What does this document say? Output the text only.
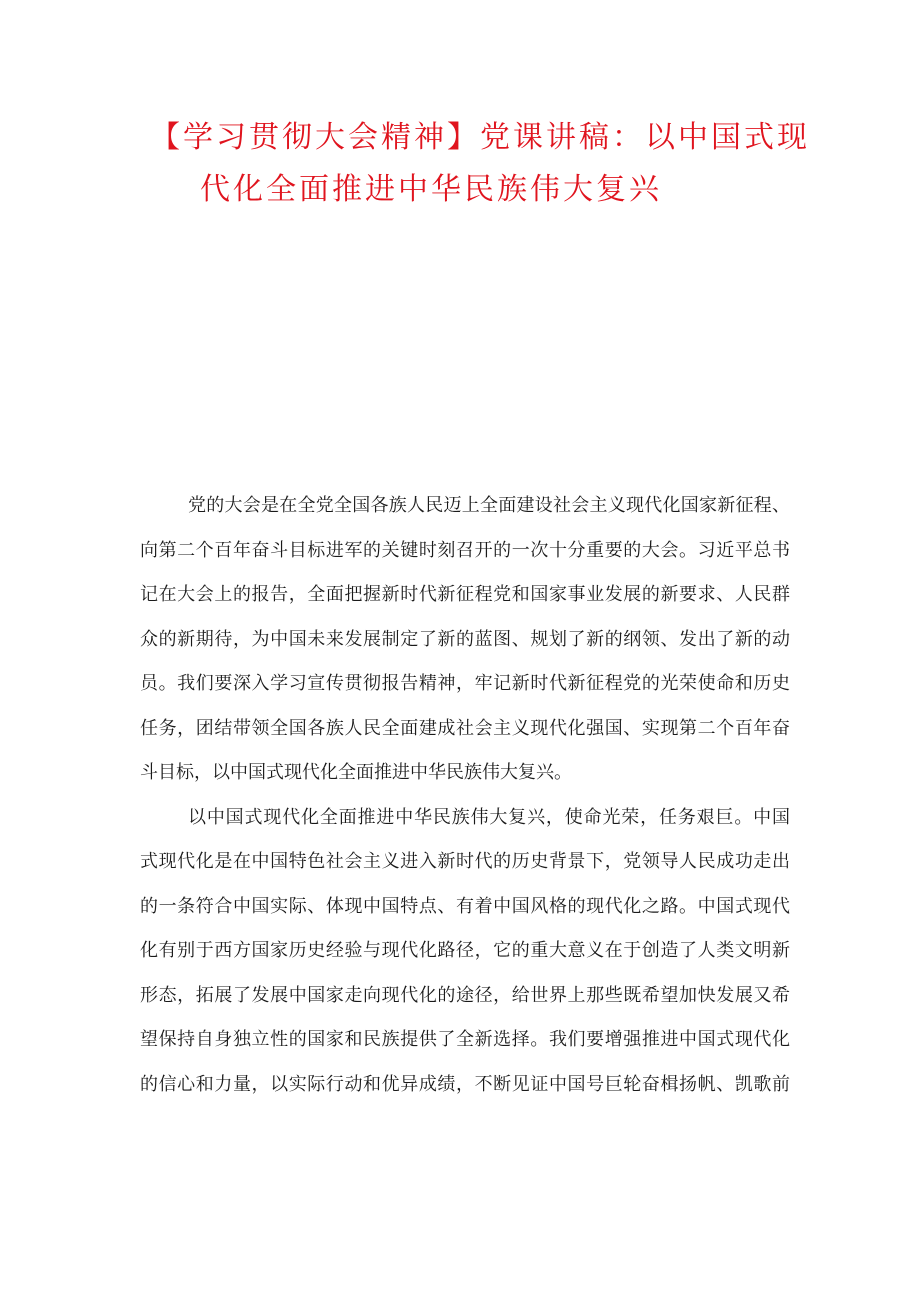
【学习贯彻大会精神】党课讲稿：以中国式现
代化全面推进中华民族伟大复兴
党的大会是在全党全国各族人民迈上全面建设社会主义现代化国家新征程、
向第二个百年奋斗目标进军的关键时刻召开的一次十分重要的大会。习近平总书
记在大会上的报告，全面把握新时代新征程党和国家事业发展的新要求、人民群
众的新期待，为中国未来发展制定了新的蓝图、规划了新的纲领、发出了新的动
员。我们要深入学习宣传贯彻报告精神，牢记新时代新征程党的光荣使命和历史
任务，团结带领全国各族人民全面建成社会主义现代化强国、实现第二个百年奋
斗目标，以中国式现代化全面推进中华民族伟大复兴。
以中国式现代化全面推进中华民族伟大复兴，使命光荣，任务艰巨。中国
式现代化是在中国特色社会主义进入新时代的历史背景下，党领导人民成功走出
的一条符合中国实际、体现中国特点、有着中国风格的现代化之路。中国式现代
化有别于西方国家历史经验与现代化路径，它的重大意义在于创造了人类文明新
形态，拓展了发展中国家走向现代化的途径，给世界上那些既希望加快发展又希
望保持自身独立性的国家和民族提供了全新选择。我们要增强推进中国式现代化
的信心和力量，以实际行动和优异成绩，不断见证中国号巨轮奋楫扬帆、凯歌前
